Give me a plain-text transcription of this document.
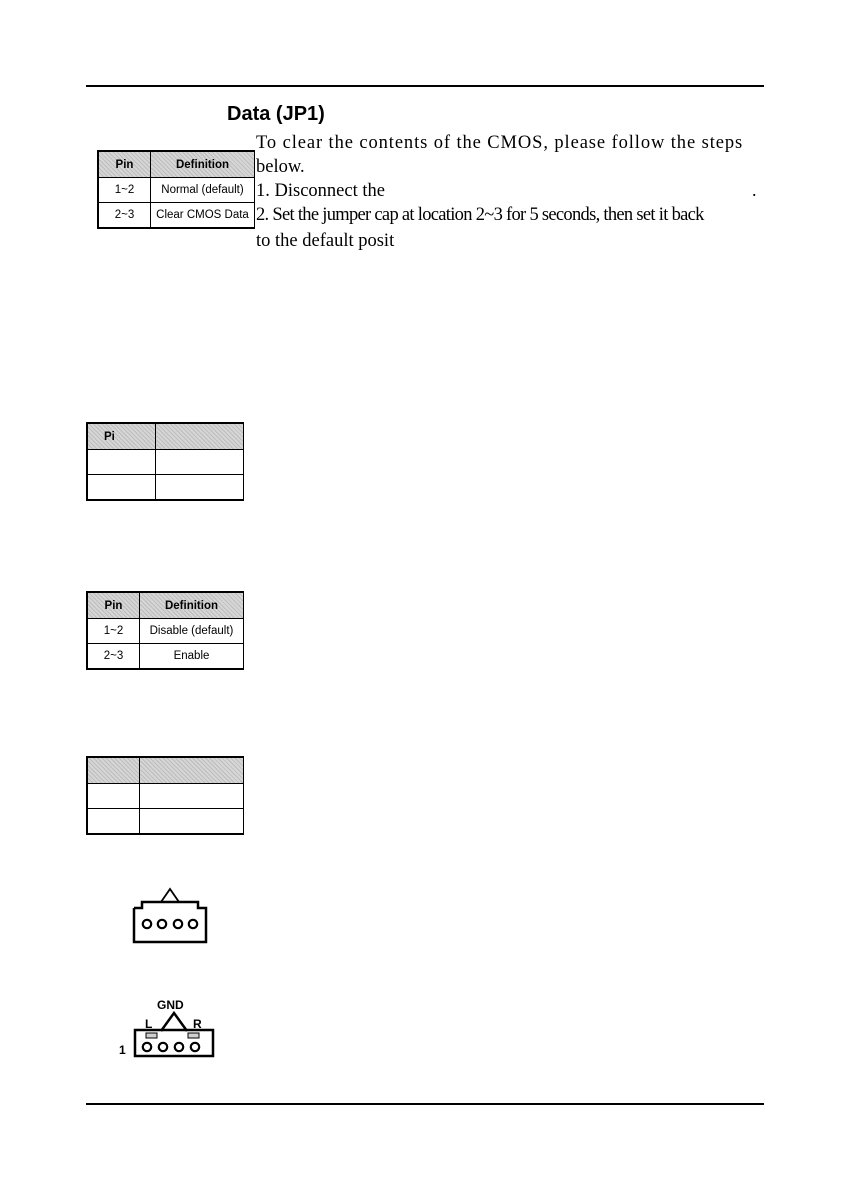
Data (JP1)
To clear the contents of the CMOS, please follow the steps
below.
1. Disconnect the	.
2. Set the jumper cap at location 2~3 for 5 seconds, then set it back
to the default posit
Pin	Definition
1~2	Normal (default)
2~3	Clear CMOS Data
Pi	

Pin	Definition
1~2	Disable (default)
2~3	Enable

GND
L	R
1
